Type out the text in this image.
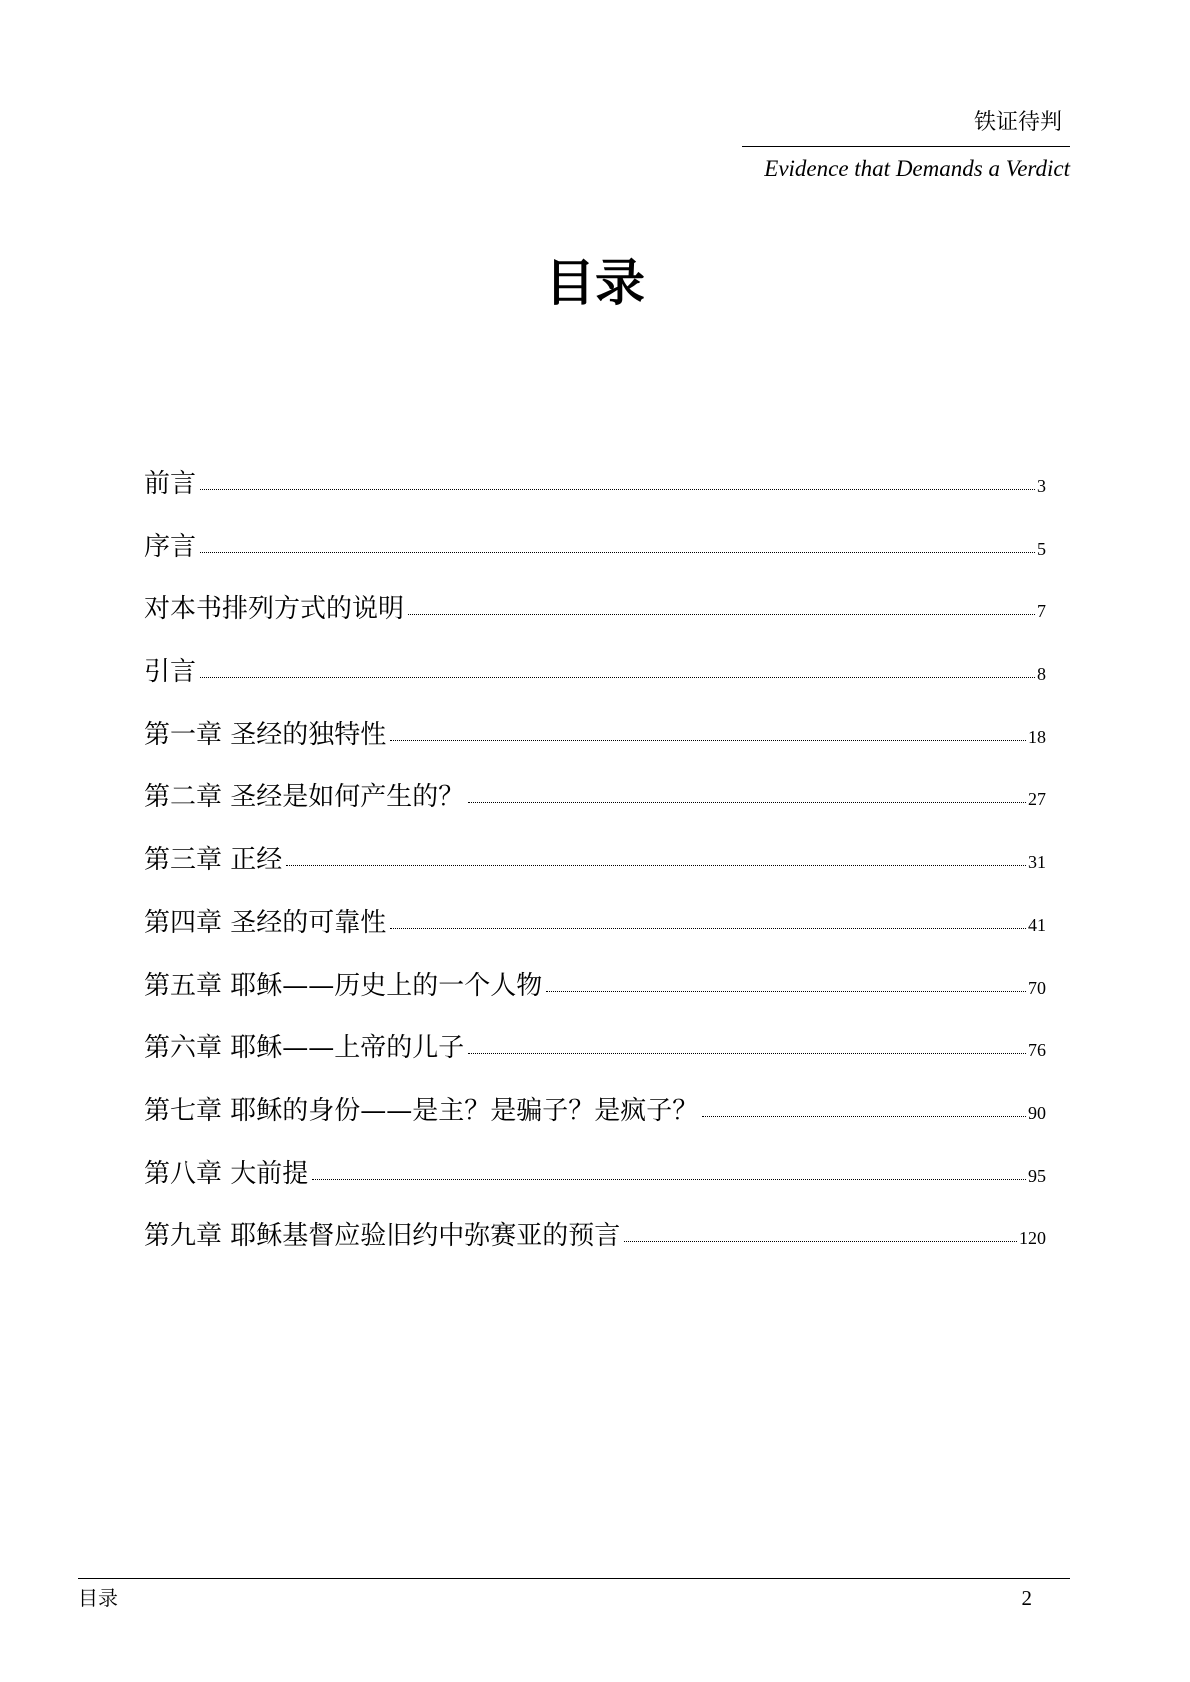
铁证待判
Evidence that Demands a Verdict
目录
前言	3
序言	5
对本书排列方式的说明	7
引言	8
第一章 圣经的独特性	18
第二章 圣经是如何产生的？	27
第三章 正经	31
第四章 圣经的可靠性	41
第五章 耶稣——历史上的一个人物	70
第六章 耶稣——上帝的儿子	76
第七章 耶稣的身份——是主？是骗子？是疯子？	90
第八章 大前提	95
第九章 耶稣基督应验旧约中弥赛亚的预言	120
目录	2
